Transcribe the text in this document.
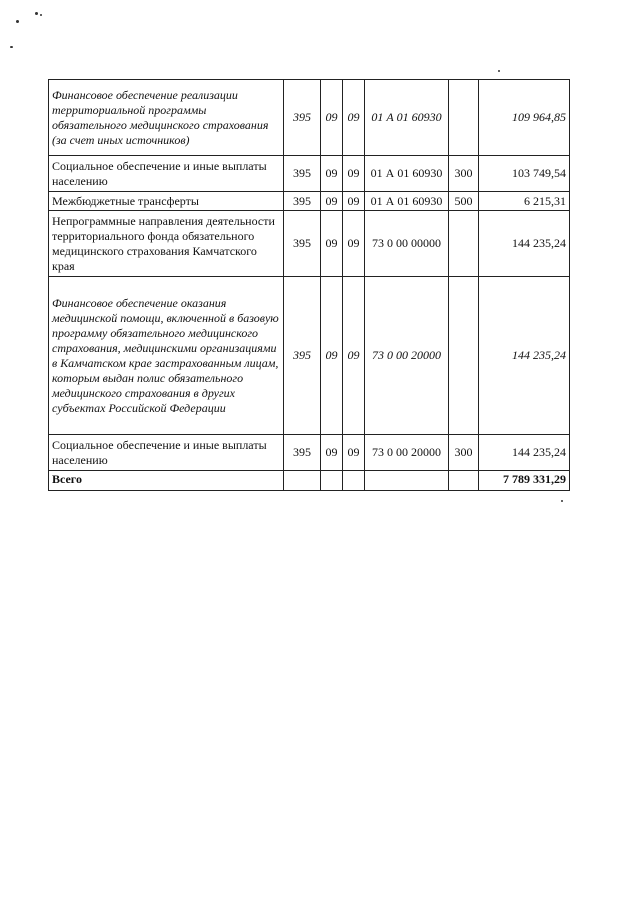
Финансовое обеспечение реализации территориальной программы обязательного медицинского страхования (за счет иных источников)	395	09	09	01 А 01 60930		109 964,85
Социальное обеспечение и иные выплаты населению	395	09	09	01 А 01 60930	300	103 749,54
Межбюджетные трансферты	395	09	09	01 А 01 60930	500	6 215,31
Непрограммные направления деятельности территориального фонда обязательного медицинского страхования Камчатского края	395	09	09	73 0 00 00000		144 235,24
Финансовое обеспечение оказания медицинской помощи, включенной в базовую программу обязательного медицинского страхования, медицинскими организациями в Камчатском крае застрахованным лицам, которым выдан полис обязательного медицинского страхования в других субъектах Российской Федерации	395	09	09	73 0 00 20000		144 235,24
Социальное обеспечение и иные выплаты населению	395	09	09	73 0 00 20000	300	144 235,24
Всего						7 789 331,29
